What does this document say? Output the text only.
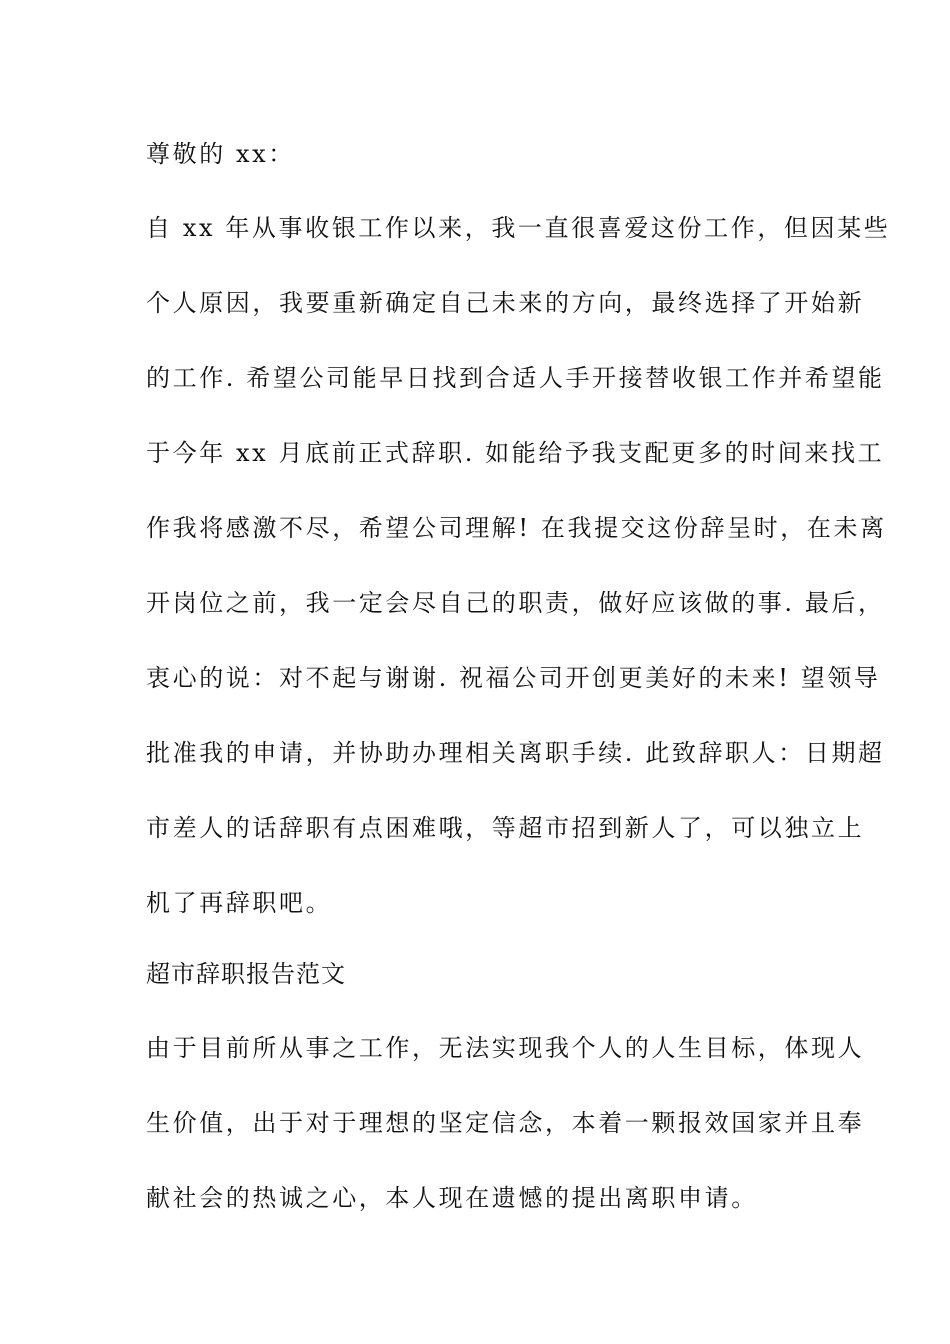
尊敬的 xx：
自 xx 年从事收银工作以来，我一直很喜爱这份工作，但因某些
个人原因，我要重新确定自己未来的方向，最终选择了开始新
的工作. 希望公司能早日找到合适人手开接替收银工作并希望能
于今年 xx 月底前正式辞职. 如能给予我支配更多的时间来找工
作我将感激不尽，希望公司理解! 在我提交这份辞呈时，在未离
开岗位之前，我一定会尽自己的职责，做好应该做的事. 最后，
衷心的说：对不起与谢谢. 祝福公司开创更美好的未来! 望领导
批准我的申请，并协助办理相关离职手续. 此致辞职人：日期超
市差人的话辞职有点困难哦，等超市招到新人了，可以独立上
机了再辞职吧。
超市辞职报告范文
由于目前所从事之工作，无法实现我个人的人生目标，体现人
生价值，出于对于理想的坚定信念，本着一颗报效国家并且奉
献社会的热诚之心，本人现在遗憾的提出离职申请。
